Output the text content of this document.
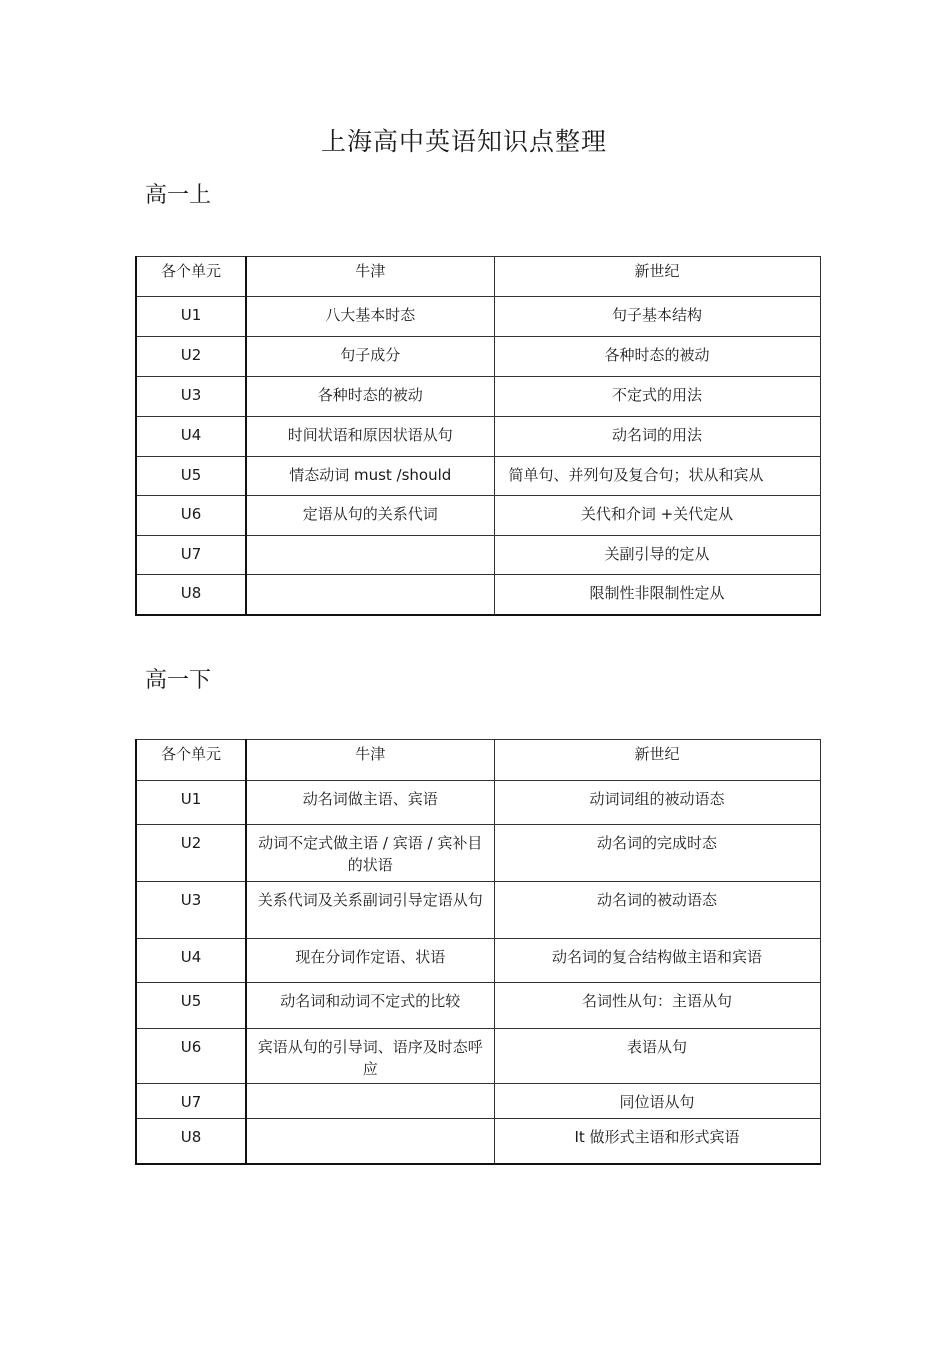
上海高中英语知识点整理
高一上
各个单元	牛津	新世纪
U1	八大基本时态	句子基本结构
U2	句子成分	各种时态的被动
U3	各种时态的被动	不定式的用法
U4	时间状语和原因状语从句	动名词的用法
U5	情态动词 must /should	简单句、并列句及复合句；状从和宾从
U6	定语从句的关系代词	关代和介词 +关代定从
U7		关副引导的定从
U8		限制性非限制性定从
高一下
各个单元	牛津	新世纪
U1	动名词做主语、宾语	动词词组的被动语态
U2	动词不定式做主语 / 宾语 / 宾补目的状语	动名词的完成时态
U3	关系代词及关系副词引导定语从句	动名词的被动语态
U4	现在分词作定语、状语	动名词的复合结构做主语和宾语
U5	动名词和动词不定式的比较	名词性从句：主语从句
U6	宾语从句的引导词、语序及时态呼应	表语从句
U7		同位语从句
U8		It 做形式主语和形式宾语
